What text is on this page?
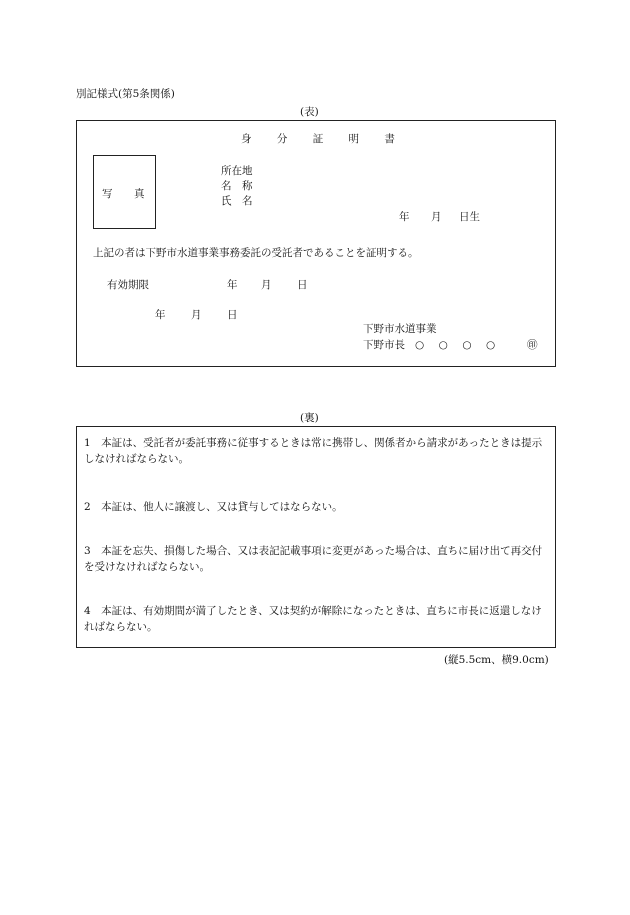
別記様式(第5条関係)
(表)
身 分 証 明 書
写 真
所在地
名　称
氏　名
年 月 日生
上記の者は下野市水道事業事務委託の受託者であることを証明する。
有効期限	年 月 日
年 月 日
下野市水道事業
下野市長 ○　○　○　○	㊞
(裏)
1　本証は、受託者が委託事務に従事するときは常に携帯し、関係者から請求があったときは提示しなければならない。
2　本証は、他人に譲渡し、又は貸与してはならない。
3　本証を忘失、損傷した場合、又は表記記載事項に変更があった場合は、直ちに届け出て再交付を受けなければならない。
4　本証は、有効期間が満了したとき、又は契約が解除になったときは、直ちに市長に返還しなければならない。
(縦5.5cm、横9.0cm)
